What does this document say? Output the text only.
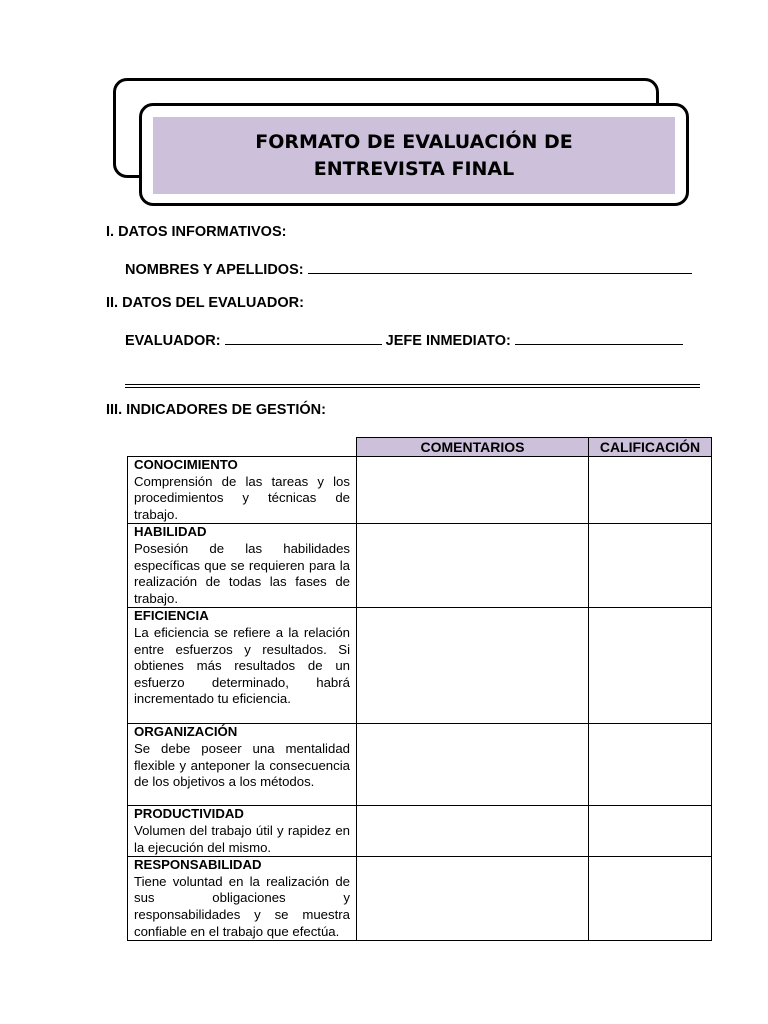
FORMATO DE EVALUACIÓN DE
ENTREVISTA FINAL
I. DATOS INFORMATIVOS:
NOMBRES Y APELLIDOS:
II. DATOS DEL EVALUADOR:
EVALUADOR:	JEFE INMEDIATO:
III. INDICADORES DE GESTIÓN:
	COMENTARIOS	CALIFICACIÓN

CONOCIMIENTO
Comprensión de las tareas y los procedimientos y técnicas de trabajo.		

HABILIDAD
Posesión de las habilidades específicas que se requieren para la realización de todas las fases de trabajo.		

EFICIENCIA
La eficiencia se refiere a la relación entre esfuerzos y resultados. Si obtienes más resultados de un esfuerzo determinado, habrá incrementado tu eficiencia.		

ORGANIZACIÓN
Se debe poseer una mentalidad flexible y anteponer la consecuencia de los objetivos a los métodos.		

PRODUCTIVIDAD
Volumen del trabajo útil y rapidez en la ejecución del mismo.		

RESPONSABILIDAD
Tiene voluntad en la realización de sus obligaciones y responsabilidades y se muestra confiable en el trabajo que efectúa.		
